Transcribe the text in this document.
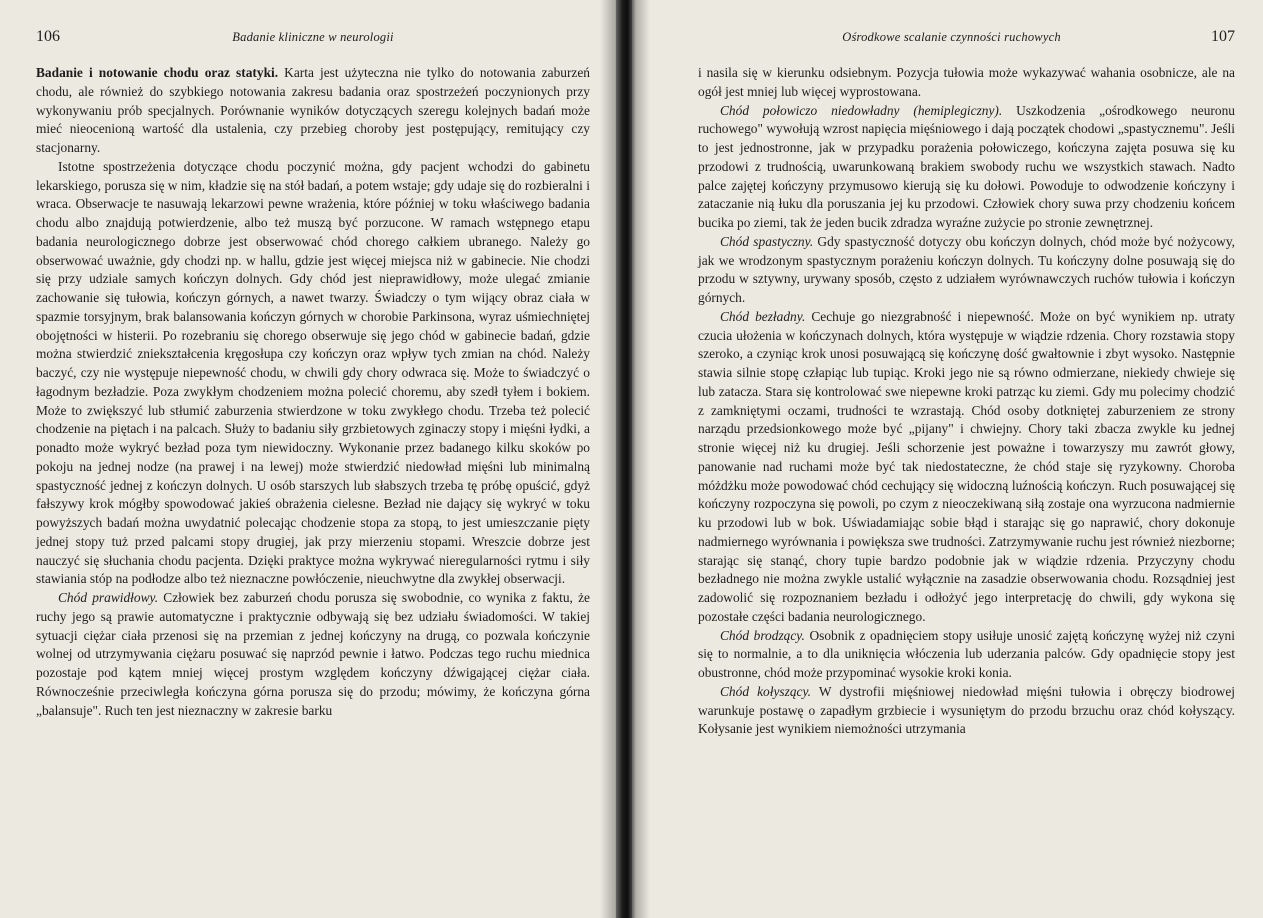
106	Badanie kliniczne w neurologii

Badanie i notowanie chodu oraz statyki. Karta jest użyteczna nie tylko do notowania zaburzeń chodu, ale również do szybkiego notowania zakresu badania oraz spostrzeżeń poczynionych przy wykonywaniu prób specjalnych. Porównanie wyników dotyczących szeregu kolejnych badań może mieć nieocenioną wartość dla ustalenia, czy przebieg choroby jest postępujący, remitujący czy stacjonarny.

Istotne spostrzeżenia dotyczące chodu poczynić można, gdy pacjent wchodzi do gabinetu lekarskiego, porusza się w nim, kładzie się na stół badań, a potem wstaje; gdy udaje się do rozbieralni i wraca. Obserwacje te nasuwają lekarzowi pewne wrażenia, które później w toku właściwego badania chodu albo znajdują potwierdzenie, albo też muszą być porzucone. W ramach wstępnego etapu badania neurologicznego dobrze jest obserwować chód chorego całkiem ubranego. Należy go obserwować uważnie, gdy chodzi np. w hallu, gdzie jest więcej miejsca niż w gabinecie. Nie chodzi się przy udziale samych kończyn dolnych. Gdy chód jest nieprawidłowy, może ulegać zmianie zachowanie się tułowia, kończyn górnych, a nawet twarzy. Świadczy o tym wijący obraz ciała w spazmie torsyjnym, brak balansowania kończyn górnych w chorobie Parkinsona, wyraz uśmiechniętej obojętności w histerii. Po rozebraniu się chorego obserwuje się jego chód w gabinecie badań, gdzie można stwierdzić zniekształcenia kręgosłupa czy kończyn oraz wpływ tych zmian na chód. Należy baczyć, czy nie występuje niepewność chodu, w chwili gdy chory odwraca się. Może to świadczyć o łagodnym bezładzie. Poza zwykłym chodzeniem można polecić choremu, aby szedł tyłem i bokiem. Może to zwiększyć lub stłumić zaburzenia stwierdzone w toku zwykłego chodu. Trzeba też polecić chodzenie na piętach i na palcach. Służy to badaniu siły grzbietowych zginaczy stopy i mięśni łydki, a ponadto może wykryć bezład poza tym niewidoczny. Wykonanie przez badanego kilku skoków po pokoju na jednej nodze (na prawej i na lewej) może stwierdzić niedowład mięśni lub minimalną spastyczność jednej z kończyn dolnych. U osób starszych lub słabszych trzeba tę próbę opuścić, gdyż fałszywy krok mógłby spowodować jakieś obrażenia cielesne. Bezład nie dający się wykryć w toku powyższych badań można uwydatnić polecając chodzenie stopa za stopą, to jest umieszczanie pięty jednej stopy tuż przed palcami stopy drugiej, jak przy mierzeniu stopami. Wreszcie dobrze jest nauczyć się słuchania chodu pacjenta. Dzięki praktyce można wykrywać nieregularności rytmu i siły stawiania stóp na podłodze albo też nieznaczne powłóczenie, nieuchwytne dla zwykłej obserwacji.

Chód prawidłowy. Człowiek bez zaburzeń chodu porusza się swobodnie, co wynika z faktu, że ruchy jego są prawie automatyczne i praktycznie odbywają się bez udziału świadomości. W takiej sytuacji ciężar ciała przenosi się na przemian z jednej kończyny na drugą, co pozwala kończynie wolnej od utrzymywania ciężaru posuwać się naprzód pewnie i łatwo. Podczas tego ruchu miednica pozostaje pod kątem mniej więcej prostym względem kończyny dźwigającej ciężar ciała. Równocześnie przeciwległa kończyna górna porusza się do przodu; mówimy, że kończyna górna „balansuje". Ruch ten jest nieznaczny w zakresie barku

Ośrodkowe scalanie czynności ruchowych	107

i nasila się w kierunku odsiebnym. Pozycja tułowia może wykazywać wahania osobnicze, ale na ogół jest mniej lub więcej wyprostowana.

Chód połowiczo niedowładny (hemiplegiczny). Uszkodzenia „ośrodkowego neuronu ruchowego" wywołują wzrost napięcia mięśniowego i dają początek chodowi „spastycznemu". Jeśli to jest jednostronne, jak w przypadku porażenia połowiczego, kończyna zajęta posuwa się ku przodowi z trudnością, uwarunkowaną brakiem swobody ruchu we wszystkich stawach. Nadto palce zajętej kończyny przymusowo kierują się ku dołowi. Powoduje to odwodzenie kończyny i zataczanie nią łuku dla poruszania jej ku przodowi. Człowiek chory suwa przy chodzeniu końcem bucika po ziemi, tak że jeden bucik zdradza wyraźne zużycie po stronie zewnętrznej.

Chód spastyczny. Gdy spastyczność dotyczy obu kończyn dolnych, chód może być nożycowy, jak we wrodzonym spastycznym porażeniu kończyn dolnych. Tu kończyny dolne posuwają się do przodu w sztywny, urywany sposób, często z udziałem wyrównawczych ruchów tułowia i kończyn górnych.

Chód bezładny. Cechuje go niezgrabność i niepewność. Może on być wynikiem np. utraty czucia ułożenia w kończynach dolnych, która występuje w wiądzie rdzenia. Chory rozstawia stopy szeroko, a czyniąc krok unosi posuwającą się kończynę dość gwałtownie i zbyt wysoko. Następnie stawia silnie stopę człapiąc lub tupiąc. Kroki jego nie są równo odmierzane, niekiedy chwieje się lub zatacza. Stara się kontrolować swe niepewne kroki patrząc ku ziemi. Gdy mu polecimy chodzić z zamkniętymi oczami, trudności te wzrastają. Chód osoby dotkniętej zaburzeniem ze strony narządu przedsionkowego może być „pijany" i chwiejny. Chory taki zbacza zwykle ku jednej stronie więcej niż ku drugiej. Jeśli schorzenie jest poważne i towarzyszy mu zawrót głowy, panowanie nad ruchami może być tak niedostateczne, że chód staje się ryzykowny. Choroba móżdżku może powodować chód cechujący się widoczną luźnością kończyn. Ruch posuwającej się kończyny rozpoczyna się powoli, po czym z nieoczekiwaną siłą zostaje ona wyrzucona nadmiernie ku przodowi lub w bok. Uświadamiając sobie błąd i starając się go naprawić, chory dokonuje nadmiernego wyrównania i powiększa swe trudności. Zatrzymywanie ruchu jest również niezborne; starając się stanąć, chory tupie bardzo podobnie jak w wiądzie rdzenia. Przyczyny chodu bezładnego nie można zwykle ustalić wyłącznie na zasadzie obserwowania chodu. Rozsądniej jest zadowolić się rozpoznaniem bezładu i odłożyć jego interpretację do chwili, gdy wykona się pozostałe części badania neurologicznego.

Chód brodzący. Osobnik z opadnięciem stopy usiłuje unosić zajętą kończynę wyżej niż czyni się to normalnie, a to dla uniknięcia włóczenia lub uderzania palców. Gdy opadnięcie stopy jest obustronne, chód może przypominać wysokie kroki konia.

Chód kołyszący. W dystrofii mięśniowej niedowład mięśni tułowia i obręczy biodrowej warunkuje postawę o zapadłym grzbiecie i wysuniętym do przodu brzuchu oraz chód kołyszący. Kołysanie jest wynikiem niemożności utrzymania
